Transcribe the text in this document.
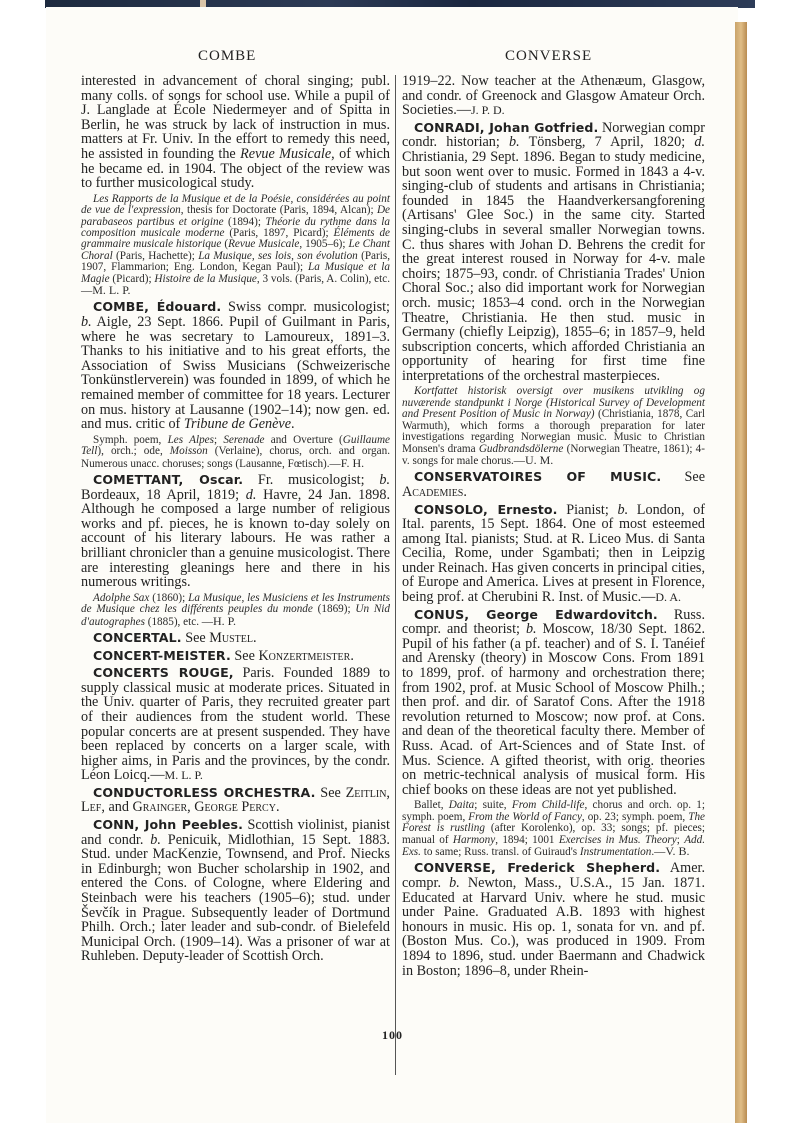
COMBE	CONVERSE

interested in advancement of choral singing; publ. many colls. of songs for school use. While a pupil of J. Langlade at École Niedermeyer and of Spitta in Berlin, he was struck by lack of instruction in mus. matters at Fr. Univ. In the effort to remedy this need, he assisted in founding the Revue Musicale, of which he became ed. in 1904. The object of the review was to further musicological study.

Les Rapports de la Musique et de la Poésie, considérées au point de vue de l'expression, thesis for Doctorate (Paris, 1894, Alcan); De parabaseos partibus et origine (1894); Théorie du rythme dans la composition musicale moderne (Paris, 1897, Picard); Éléments de grammaire musicale historique (Revue Musicale, 1905–6); Le Chant Choral (Paris, Hachette); La Musique, ses lois, son évolution (Paris, 1907, Flammarion; Eng. London, Kegan Paul); La Musique et la Magie (Picard); Histoire de la Musique, 3 vols. (Paris, A. Colin), etc.—M. L. P.

COMBE, Édouard. Swiss compr. musicologist; b. Aigle, 23 Sept. 1866. Pupil of Guilmant in Paris, where he was secretary to Lamoureux, 1891–3. Thanks to his initiative and to his great efforts, the Association of Swiss Musicians (Schweizerische Tonkünstlerverein) was founded in 1899, of which he remained member of committee for 18 years. Lecturer on mus. history at Lausanne (1902–14); now gen. ed. and mus. critic of Tribune de Genève.

Symph. poem, Les Alpes; Serenade and Overture (Guillaume Tell), orch.; ode, Moisson (Verlaine), chorus, orch. and organ. Numerous unacc. choruses; songs (Lausanne, Fœtisch).—F. H.

COMETTANT, Oscar. Fr. musicologist; b. Bordeaux, 18 April, 1819; d. Havre, 24 Jan. 1898. Although he composed a large number of religious works and pf. pieces, he is known to-day solely on account of his literary labours. He was rather a brilliant chronicler than a genuine musicologist. There are interesting gleanings here and there in his numerous writings.

Adolphe Sax (1860); La Musique, les Musiciens et les Instruments de Musique chez les différents peuples du monde (1869); Un Nid d'autographes (1885), etc. —H. P.

CONCERTAL. See Mustel.

CONCERT-MEISTER. See Konzertmeister.

CONCERTS ROUGE, Paris. Founded 1889 to supply classical music at moderate prices. Situated in the Univ. quarter of Paris, they recruited greater part of their audiences from the student world. These popular concerts are at present suspended. They have been replaced by concerts on a larger scale, with higher aims, in Paris and the provinces, by the condr. Léon Loicq.—M. L. P.

CONDUCTORLESS ORCHESTRA. See Zeitlin, Lef, and Grainger, George Percy.

CONN, John Peebles. Scottish violinist, pianist and condr. b. Penicuik, Midlothian, 15 Sept. 1883. Stud. under MacKenzie, Townsend, and Prof. Niecks in Edinburgh; won Bucher scholarship in 1902, and entered the Cons. of Cologne, where Eldering and Steinbach were his teachers (1905–6); stud. under Ševčík in Prague. Subsequently leader of Dortmund Philh. Orch.; later leader and sub-condr. of Bielefeld Municipal Orch. (1909–14). Was a prisoner of war at Ruhleben. Deputy-leader of Scottish Orch.

1919–22. Now teacher at the Athenæum, Glasgow, and condr. of Greenock and Glasgow Amateur Orch. Societies.—J. P. D.

CONRADI, Johan Gotfried. Norwegian compr condr. historian; b. Tönsberg, 7 April, 1820; d. Christiania, 29 Sept. 1896. Began to study medicine, but soon went over to music. Formed in 1843 a 4-v. singing-club of students and artisans in Christiania; founded in 1845 the Haandverkersangforening (Artisans' Glee Soc.) in the same city. Started singing-clubs in several smaller Norwegian towns. C. thus shares with Johan D. Behrens the credit for the great interest roused in Norway for 4-v. male choirs; 1875–93, condr. of Christiania Trades' Union Choral Soc.; also did important work for Norwegian orch. music; 1853–4 cond. orch in the Norwegian Theatre, Christiania. He then stud. music in Germany (chiefly Leipzig), 1855–6; in 1857–9, held subscription concerts, which afforded Christiania an opportunity of hearing for first time fine interpretations of the orchestral masterpieces.

Kortfattet historisk oversigt over musikens utvikling og nuværende standpunkt i Norge (Historical Survey of Development and Present Position of Music in Norway) (Christiania, 1878, Carl Warmuth), which forms a thorough preparation for later investigations regarding Norwegian music. Music to Christian Monsen's drama Gudbrandsdölerne (Norwegian Theatre, 1861); 4-v. songs for male chorus.—U. M.

CONSERVATOIRES OF MUSIC. See Academies.

CONSOLO, Ernesto. Pianist; b. London, of Ital. parents, 15 Sept. 1864. One of most esteemed among Ital. pianists; Stud. at R. Liceo Mus. di Santa Cecilia, Rome, under Sgambati; then in Leipzig under Reinach. Has given concerts in principal cities, of Europe and America. Lives at present in Florence, being prof. at Cherubini R. Inst. of Music.—D. A.

CONUS, George Edwardovitch. Russ. compr. and theorist; b. Moscow, 18/30 Sept. 1862. Pupil of his father (a pf. teacher) and of S. I. Tanéief and Arensky (theory) in Moscow Cons. From 1891 to 1899, prof. of harmony and orchestration there; from 1902, prof. at Music School of Moscow Philh.; then prof. and dir. of Saratof Cons. After the 1918 revolution returned to Moscow; now prof. at Cons. and dean of the theoretical faculty there. Member of Russ. Acad. of Art-Sciences and of State Inst. of Mus. Science. A gifted theorist, with orig. theories on metric-technical analysis of musical form. His chief books on these ideas are not yet published.

Ballet, Daita; suite, From Child-life, chorus and orch. op. 1; symph. poem, From the World of Fancy, op. 23; symph. poem, The Forest is rustling (after Korolenko), op. 33; songs; pf. pieces; manual of Harmony, 1894; 1001 Exercises in Mus. Theory; Add. Exs. to same; Russ. transl. of Guiraud's Instrumentation.—V. B.

CONVERSE, Frederick Shepherd. Amer. compr. b. Newton, Mass., U.S.A., 15 Jan. 1871. Educated at Harvard Univ. where he stud. music under Paine. Graduated A.B. 1893 with highest honours in music. His op. 1, sonata for vn. and pf. (Boston Mus. Co.), was produced in 1909. From 1894 to 1896, stud. under Baermann and Chadwick in Boston; 1896–8, under Rhein-

100
